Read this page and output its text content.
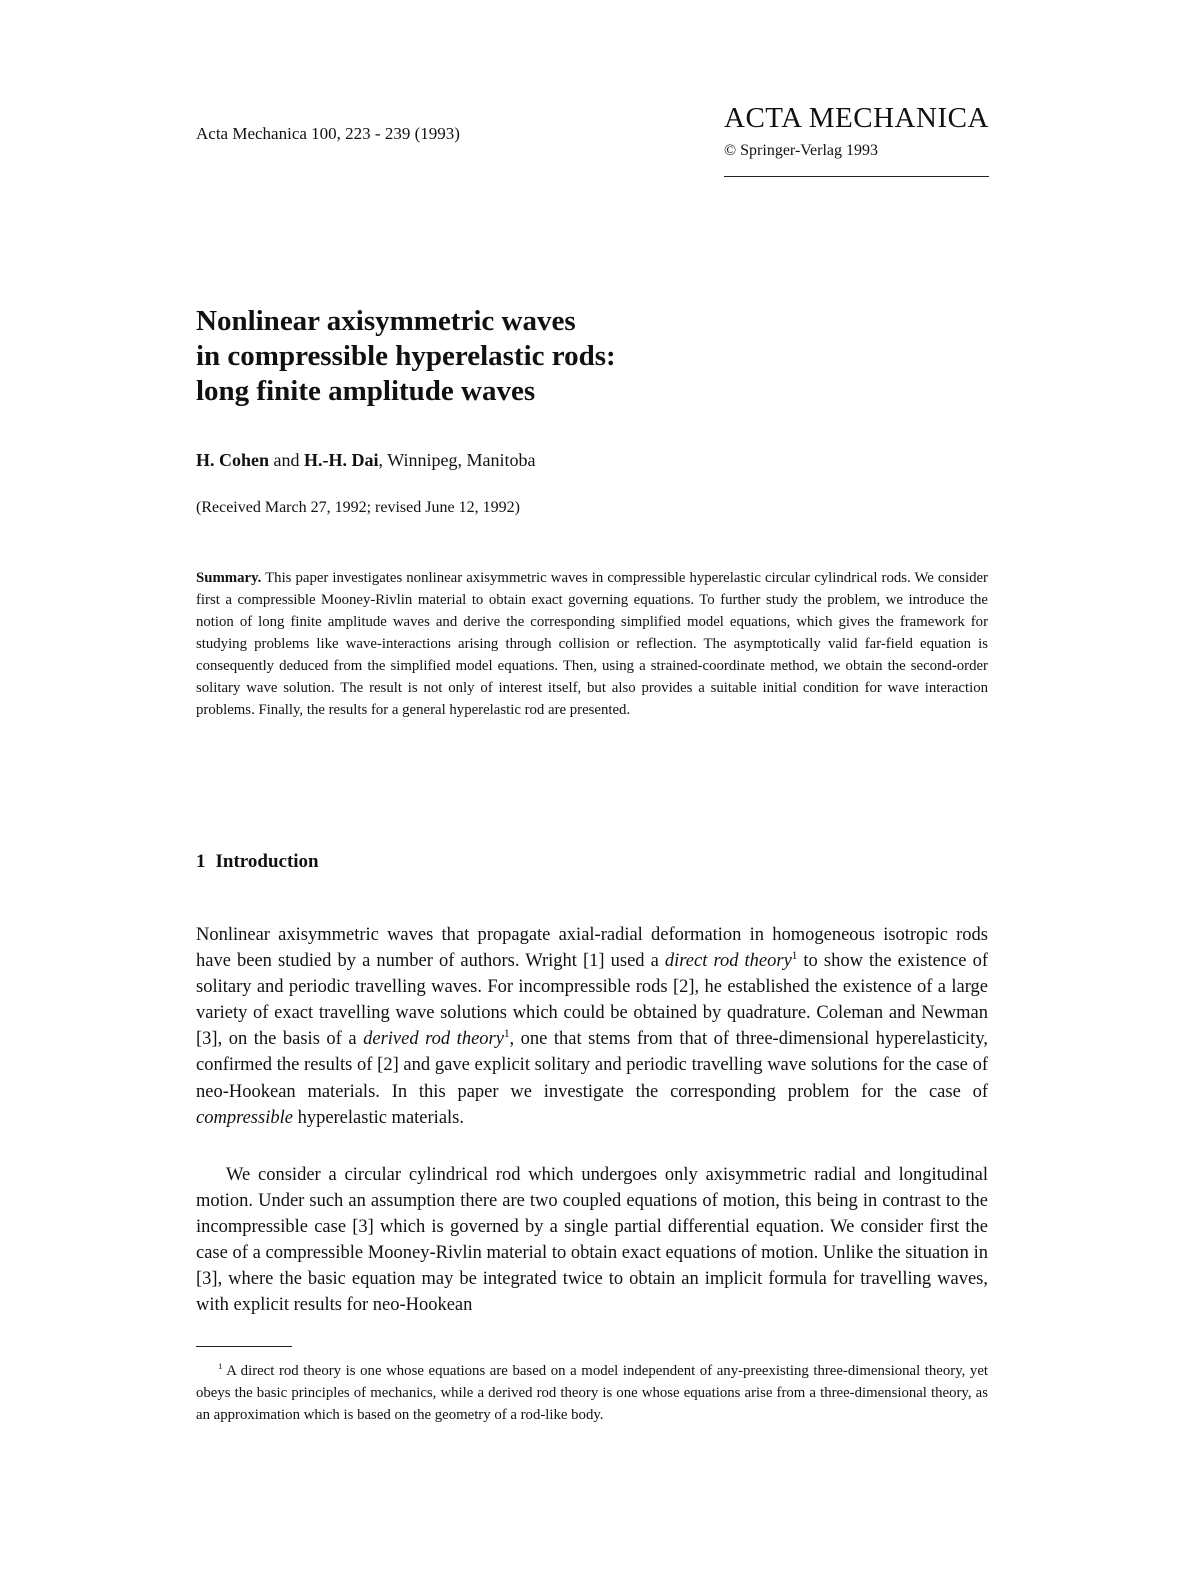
Acta Mechanica 100, 223 - 239 (1993)	ACTA MECHANICA
© Springer-Verlag 1993
Nonlinear axisymmetric waves
in compressible hyperelastic rods:
long finite amplitude waves
H. Cohen and H.-H. Dai, Winnipeg, Manitoba
(Received March 27, 1992; revised June 12, 1992)

Summary. This paper investigates nonlinear axisymmetric waves in compressible hyperelastic circular cylindrical rods. We consider first a compressible Mooney-Rivlin material to obtain exact governing equations. To further study the problem, we introduce the notion of long finite amplitude waves and derive the corresponding simplified model equations, which gives the framework for studying problems like wave-interactions arising through collision or reflection. The asymptotically valid far-field equation is consequently deduced from the simplified model equations. Then, using a strained-coordinate method, we obtain the second-order solitary wave solution. The result is not only of interest itself, but also provides a suitable initial condition for wave interaction problems. Finally, the results for a general hyperelastic rod are presented.

1 Introduction

Nonlinear axisymmetric waves that propagate axial-radial deformation in homogeneous isotropic rods have been studied by a number of authors. Wright [1] used a direct rod theory$^1$ to show the existence of solitary and periodic travelling waves. For incompressible rods [2], he established the existence of a large variety of exact travelling wave solutions which could be obtained by quadrature. Coleman and Newman [3], on the basis of a derived rod theory$^1$, one that stems from that of three-dimensional hyperelasticity, confirmed the results of [2] and gave explicit solitary and periodic travelling wave solutions for the case of neo-Hookean materials. In this paper we investigate the corresponding problem for the case of compressible hyperelastic materials.

We consider a circular cylindrical rod which undergoes only axisymmetric radial and longitudinal motion. Under such an assumption there are two coupled equations of motion, this being in contrast to the incompressible case [3] which is governed by a single partial differential equation. We consider first the case of a compressible Mooney-Rivlin material to obtain exact equations of motion. Unlike the situation in [3], where the basic equation may be integrated twice to obtain an implicit formula for travelling waves, with explicit results for neo-Hookean

$^1$ A direct rod theory is one whose equations are based on a model independent of any-preexisting three-dimensional theory, yet obeys the basic principles of mechanics, while a derived rod theory is one whose equations arise from a three-dimensional theory, as an approximation which is based on the geometry of a rod-like body.
